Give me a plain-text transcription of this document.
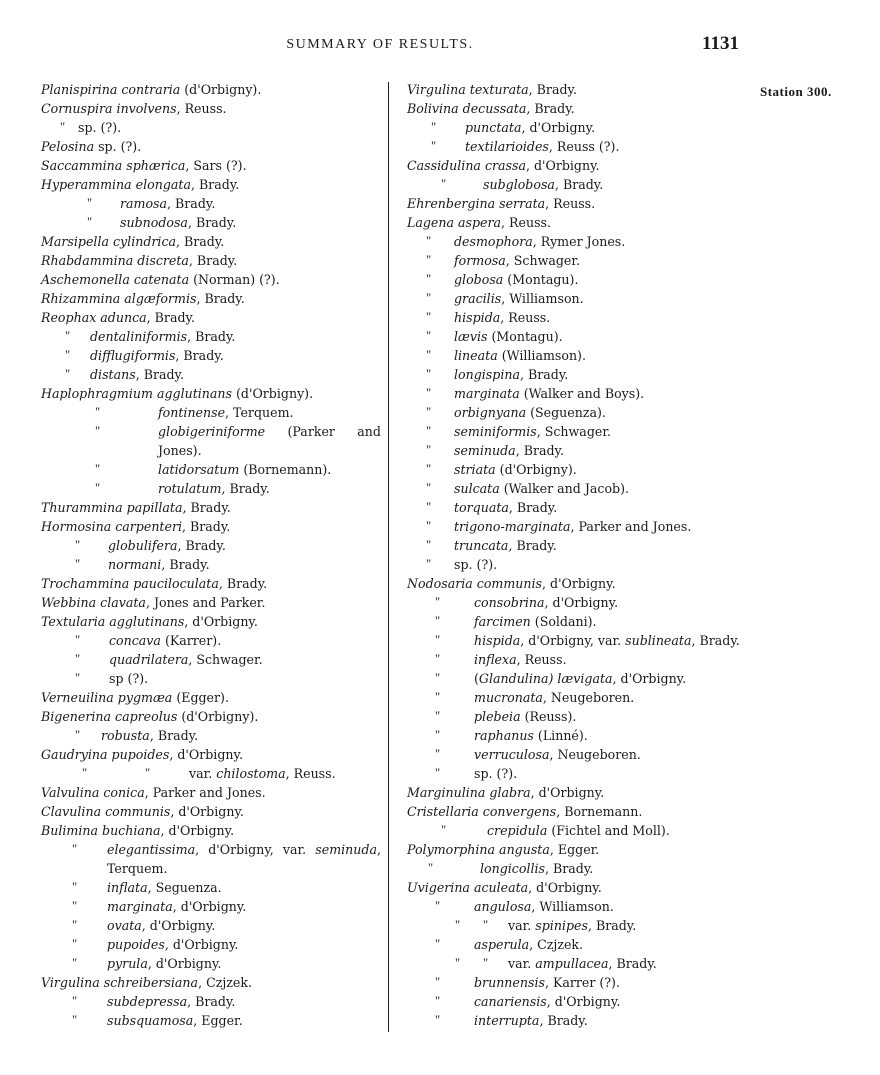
SUMMARY OF RESULTS.	1131
Station 300.
Planispirina contraria (d'Orbigny).
Cornuspira involvens, Reuss.
" sp. (?).
Pelosina sp. (?).
Saccammina sphærica, Sars (?).
Hyperammina elongata, Brady.
" ramosa, Brady.
" subnodosa, Brady.
Marsipella cylindrica, Brady.
Rhabdammina discreta, Brady.
Aschemonella catenata (Norman) (?).
Rhizammina algæformis, Brady.
Reophax adunca, Brady.
" dentaliniformis, Brady.
" difflugiformis, Brady.
" distans, Brady.
Haplophragmium agglutinans (d'Orbigny).
"	fontinense, Terquem.
"	globigeriniforme (Parker and Jones).
"	latidorsatum (Bornemann).
"	rotulatum, Brady.
Thurammina papillata, Brady.
Hormosina carpenteri, Brady.
" globulifera, Brady.
" normani, Brady.
Trochammina pauciloculata, Brady.
Webbina clavata, Jones and Parker.
Textularia agglutinans, d'Orbigny.
" concava (Karrer).
" quadrilatera, Schwager.
" sp (?).
Verneuilina pygmæa (Egger).
Bigenerina capreolus (d'Orbigny).
" robusta, Brady.
Gaudryina pupoides, d'Orbigny.
"	"	var. chilostoma, Reuss.
Valvulina conica, Parker and Jones.
Clavulina communis, d'Orbigny.
Bulimina buchiana, d'Orbigny.
" elegantissima, d'Orbigny, var. seminuda, Terquem.
" inflata, Seguenza.
" marginata, d'Orbigny.
" ovata, d'Orbigny.
" pupoides, d'Orbigny.
" pyrula, d'Orbigny.
Virgulina schreibersiana, Czjzek.
" subdepressa, Brady.
" subsquamosa, Egger.
Virgulina texturata, Brady.
Bolivina decussata, Brady.
" punctata, d'Orbigny.
" textilarioides, Reuss (?).
Cassidulina crassa, d'Orbigny.
"	subglobosa, Brady.
Ehrenbergina serrata, Reuss.
Lagena aspera, Reuss.
" desmophora, Rymer Jones.
" formosa, Schwager.
" globosa (Montagu).
" gracilis, Williamson.
" hispida, Reuss.
" lævis (Montagu).
" lineata (Williamson).
" longispina, Brady.
" marginata (Walker and Boys).
" orbignyana (Seguenza).
" seminiformis, Schwager.
" seminuda, Brady.
" striata (d'Orbigny).
" sulcata (Walker and Jacob).
" torquata, Brady.
" trigono-marginata, Parker and Jones.
" truncata, Brady.
" sp. (?).
Nodosaria communis, d'Orbigny.
"	consobrina, d'Orbigny.
"	farcimen (Soldani).
"	hispida, d'Orbigny, var. sublineata, Brady.
"	inflexa, Reuss.
"	(Glandulina) lævigata, d'Orbigny.
"	mucronata, Neugeboren.
"	plebeia (Reuss).
"	raphanus (Linné).
"	verruculosa, Neugeboren.
"	sp. (?).
Marginulina glabra, d'Orbigny.
Cristellaria convergens, Bornemann.
"	crepidula (Fichtel and Moll).
Polymorphina angusta, Egger.
"	longicollis, Brady.
Uvigerina aculeata, d'Orbigny.
"	angulosa, Williamson.
" " var. spinipes, Brady.
"	asperula, Czjzek.
" " var. ampullacea, Brady.
"	brunnensis, Karrer (?).
"	canariensis, d'Orbigny.
"	interrupta, Brady.
